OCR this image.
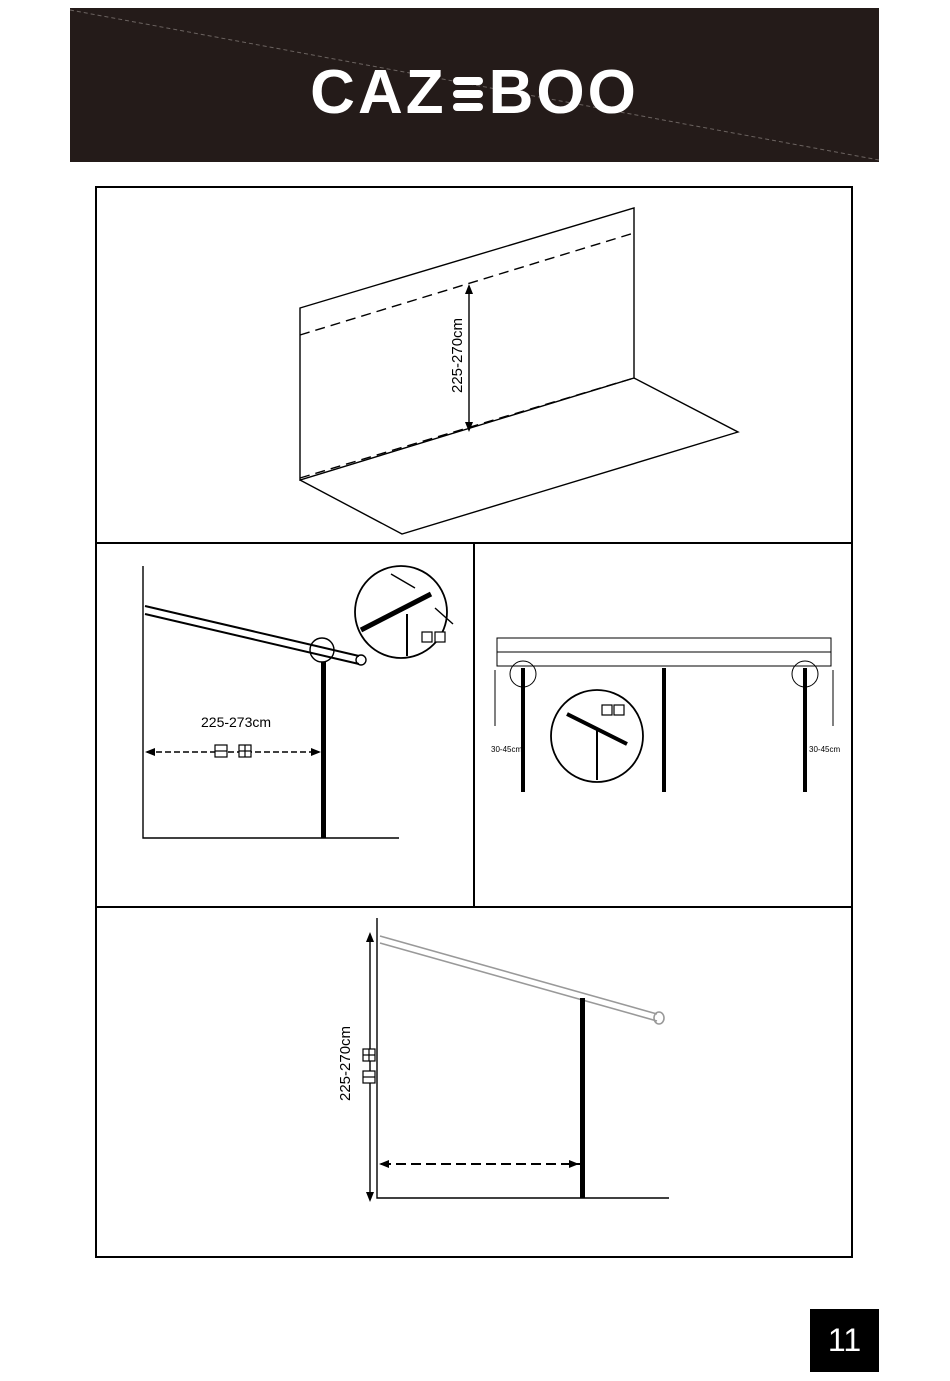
CAZ BOO
225-270cm
225-273cm
30-45cm	30-45cm
225-270cm
11
